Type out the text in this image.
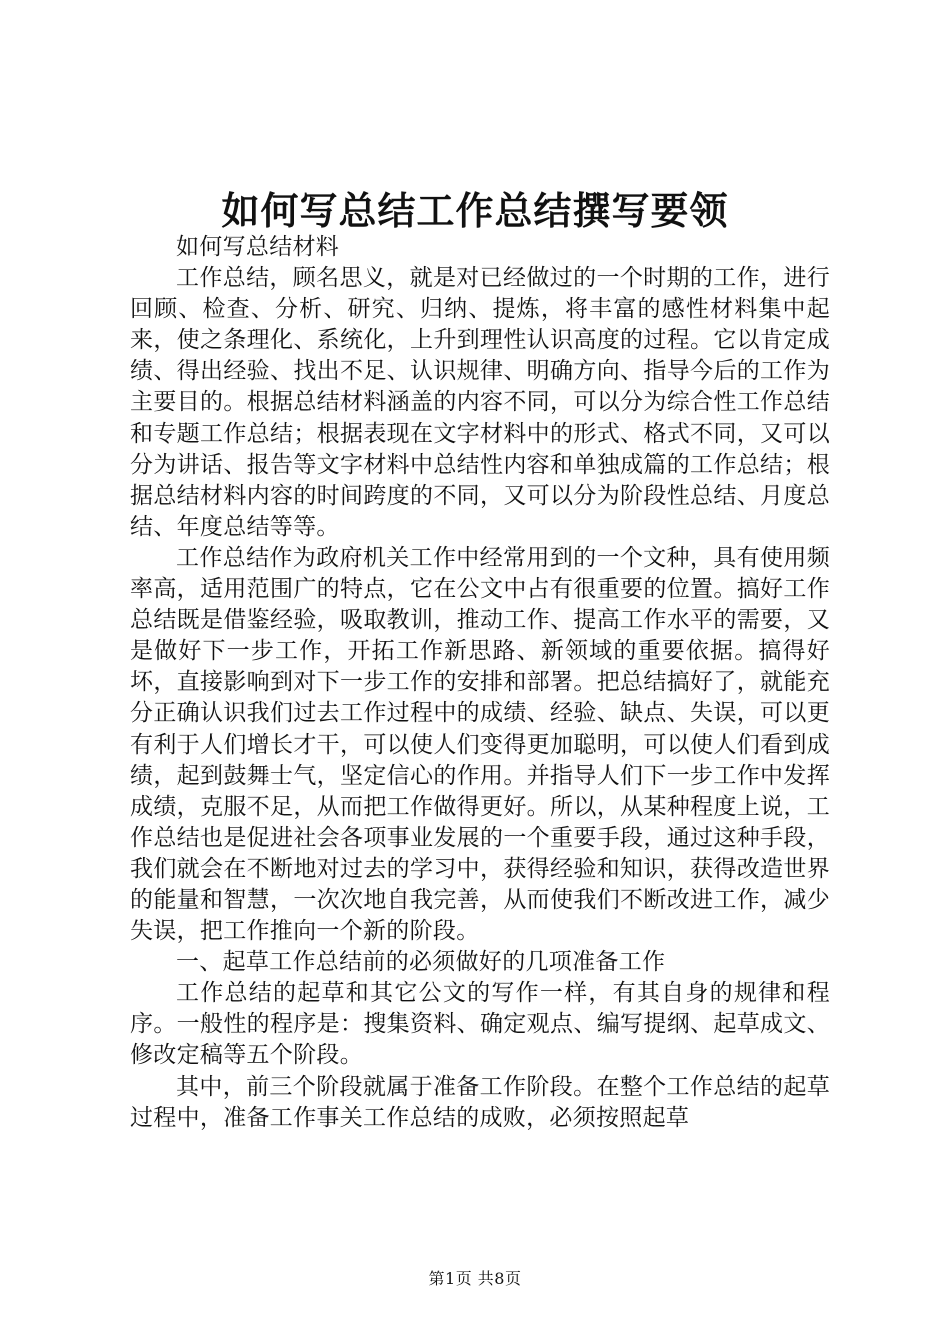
如何写总结工作总结撰写要领

如何写总结材料

工作总结，顾名思义，就是对已经做过的一个时期的工作，进行回顾、检查、分析、研究、归纳、提炼，将丰富的感性材料集中起来，使之条理化、系统化，上升到理性认识高度的过程。它以肯定成绩、得出经验、找出不足、认识规律、明确方向、指导今后的工作为主要目的。根据总结材料涵盖的内容不同，可以分为综合性工作总结和专题工作总结；根据表现在文字材料中的形式、格式不同，又可以分为讲话、报告等文字材料中总结性内容和单独成篇的工作总结；根据总结材料内容的时间跨度的不同，又可以分为阶段性总结、月度总结、年度总结等等。

工作总结作为政府机关工作中经常用到的一个文种，具有使用频率高，适用范围广的特点，它在公文中占有很重要的位置。搞好工作总结既是借鉴经验，吸取教训，推动工作、提高工作水平的需要，又是做好下一步工作，开拓工作新思路、新领域的重要依据。搞得好坏，直接影响到对下一步工作的安排和部署。把总结搞好了，就能充分正确认识我们过去工作过程中的成绩、经验、缺点、失误，可以更有利于人们增长才干，可以使人们变得更加聪明，可以使人们看到成绩，起到鼓舞士气，坚定信心的作用。并指导人们下一步工作中发挥成绩，克服不足，从而把工作做得更好。所以，从某种程度上说，工作总结也是促进社会各项事业发展的一个重要手段，通过这种手段，我们就会在不断地对过去的学习中，获得经验和知识，获得改造世界的能量和智慧，一次次地自我完善，从而使我们不断改进工作，减少失误，把工作推向一个新的阶段。

一、起草工作总结前的必须做好的几项准备工作

工作总结的起草和其它公文的写作一样，有其自身的规律和程序。一般性的程序是：搜集资料、确定观点、编写提纲、起草成文、修改定稿等五个阶段。

其中，前三个阶段就属于准备工作阶段。在整个工作总结的起草过程中，准备工作事关工作总结的成败，必须按照起草

第1页 共8页
